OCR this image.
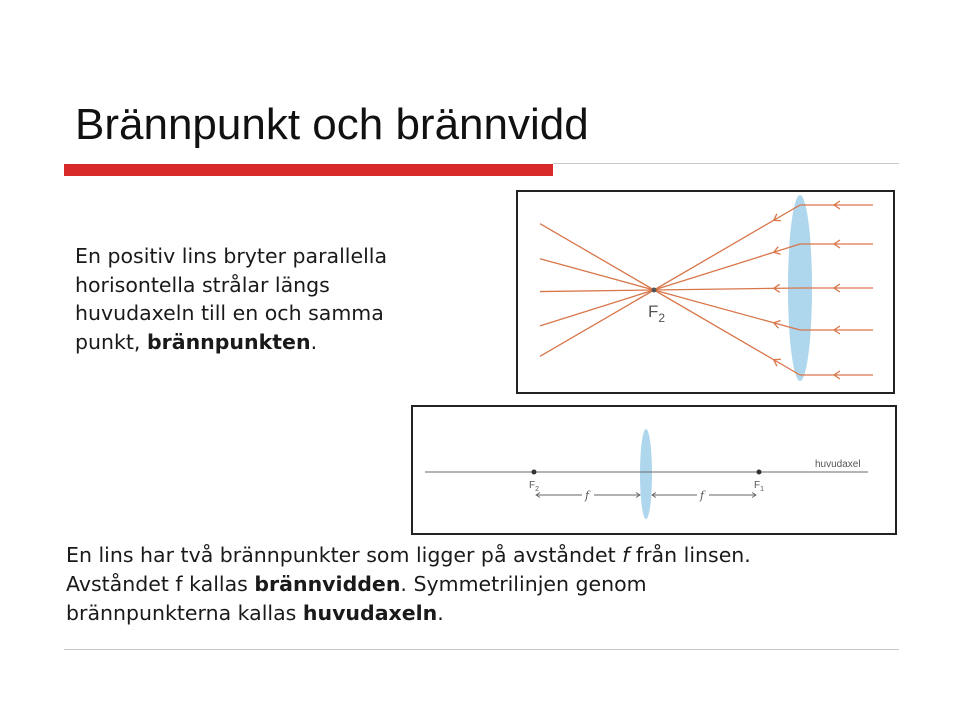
Brännpunkt och brännvidd
En positiv lins bryter parallella
horisontella strålar längs
huvudaxeln till en och samma
punkt, brännpunkten.
$F_2$
huvudaxel
$F_2$	$F_1$
f	f
En lins har två brännpunkter som ligger på avståndet f från linsen.
Avståndet f kallas brännvidden. Symmetrilinjen genom
brännpunkterna kallas huvudaxeln.
